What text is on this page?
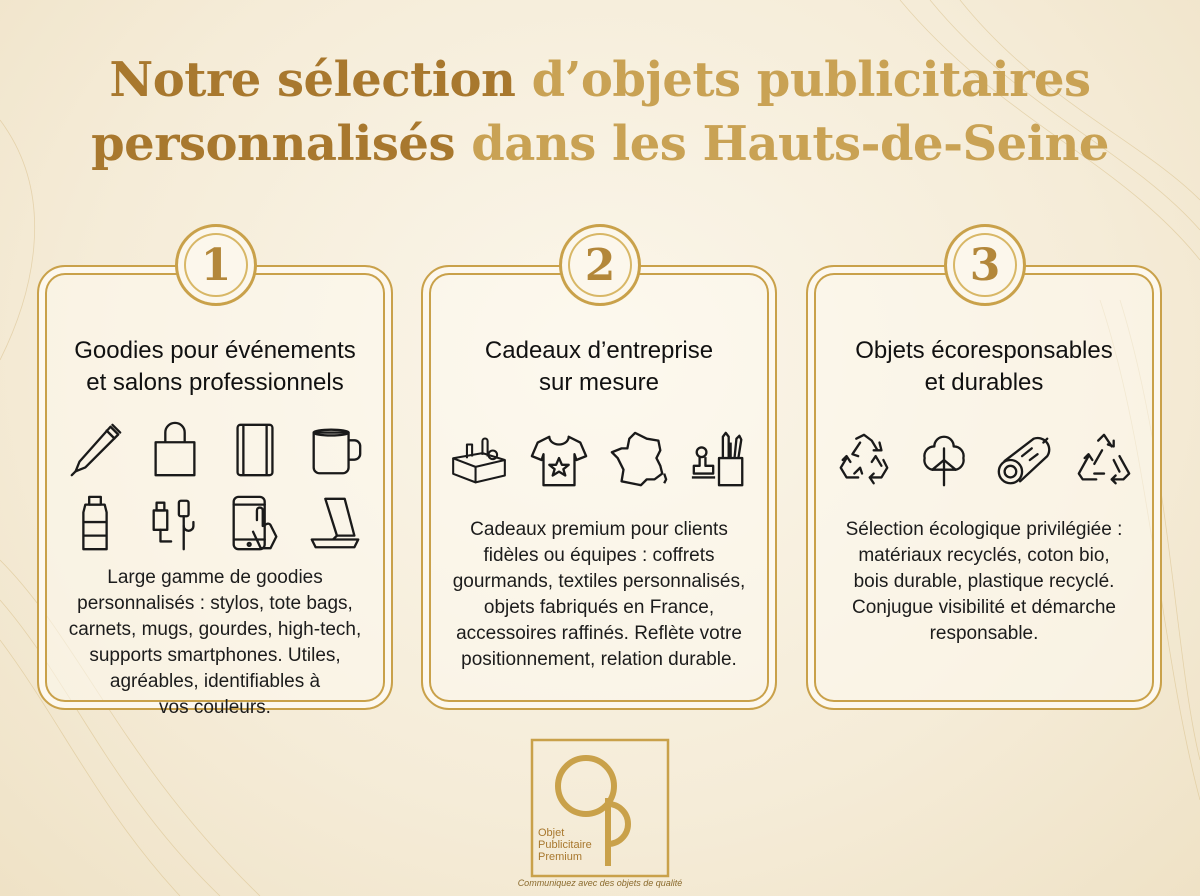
Notre sélection d’objets publicitaires
personnalisés dans les Hauts-de-Seine
1
Goodies pour événements
et salons professionnels
Large gamme de goodies
personnalisés : stylos, tote bags,
carnets, mugs, gourdes, high-tech,
supports smartphones. Utiles,
agréables, identifiables à
vos couleurs.
2
Cadeaux d’entreprise
sur mesure
Cadeaux premium pour clients
fidèles ou équipes : coffrets
gourmands, textiles personnalisés,
objets fabriqués en France,
accessoires raffinés. Reflète votre
positionnement, relation durable.
3
Objets écoresponsables
et durables
Sélection écologique privilégiée :
matériaux recyclés, coton bio,
bois durable, plastique recyclé.
Conjugue visibilité et démarche
responsable.
Objet
Publicitaire
Premium
Communiquez avec des objets de qualité
